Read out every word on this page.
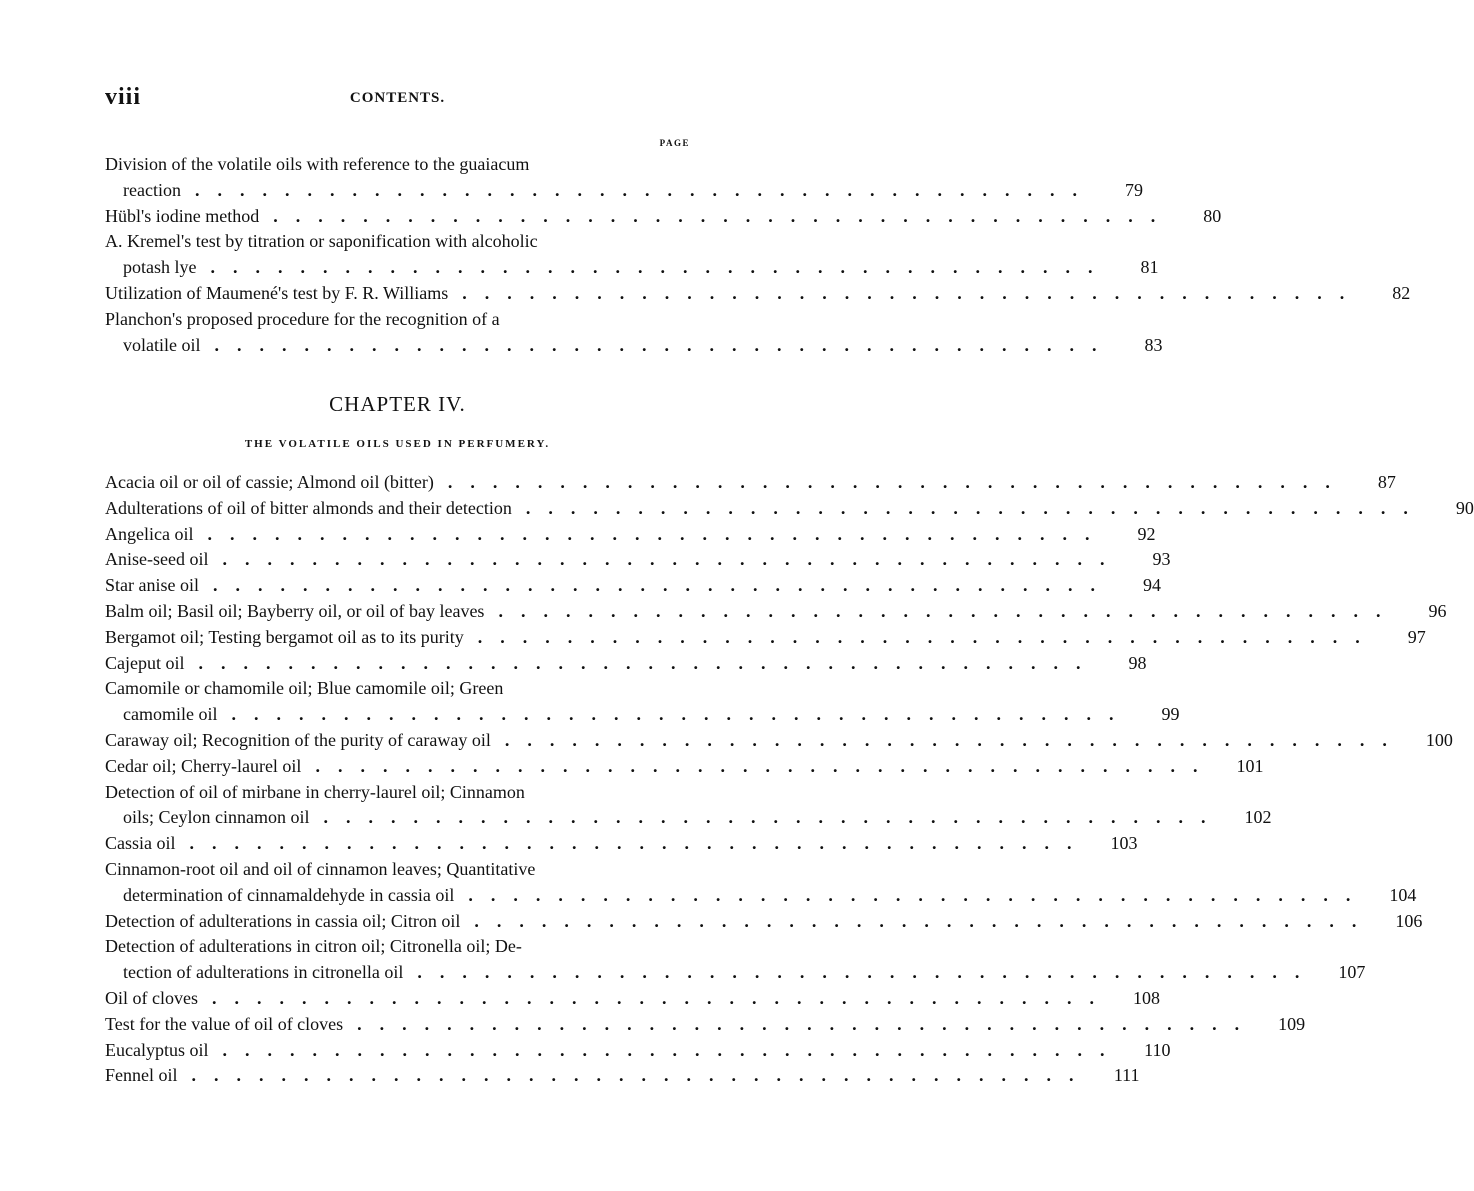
viii	CONTENTS.
PAGE
Division of the volatile oils with reference to the guaiacum
reaction ........................................	79
Hübl's iodine method ........................................	80
A. Kremel's test by titration or saponification with alcoholic
potash lye ........................................	81
Utilization of Maumené's test by F. R. Williams ........................................	82
Planchon's proposed procedure for the recognition of a
volatile oil ........................................	83
CHAPTER IV.
THE VOLATILE OILS USED IN PERFUMERY.
Acacia oil or oil of cassie; Almond oil (bitter) ........................................	87
Adulterations of oil of bitter almonds and their detection ........................................	90
Angelica oil ........................................	92
Anise-seed oil ........................................	93
Star anise oil ........................................	94
Balm oil; Basil oil; Bayberry oil, or oil of bay leaves ........................................	96
Bergamot oil; Testing bergamot oil as to its purity ........................................	97
Cajeput oil ........................................	98
Camomile or chamomile oil; Blue camomile oil; Green
camomile oil ........................................	99
Caraway oil; Recognition of the purity of caraway oil ........................................	100
Cedar oil; Cherry-laurel oil ........................................	101
Detection of oil of mirbane in cherry-laurel oil; Cinnamon
oils; Ceylon cinnamon oil ........................................	102
Cassia oil ........................................	103
Cinnamon-root oil and oil of cinnamon leaves; Quantitative
determination of cinnamaldehyde in cassia oil ........................................	104
Detection of adulterations in cassia oil; Citron oil ........................................	106
Detection of adulterations in citron oil; Citronella oil; De-
tection of adulterations in citronella oil ........................................	107
Oil of cloves ........................................	108
Test for the value of oil of cloves ........................................	109
Eucalyptus oil ........................................	110
Fennel oil ........................................	111
